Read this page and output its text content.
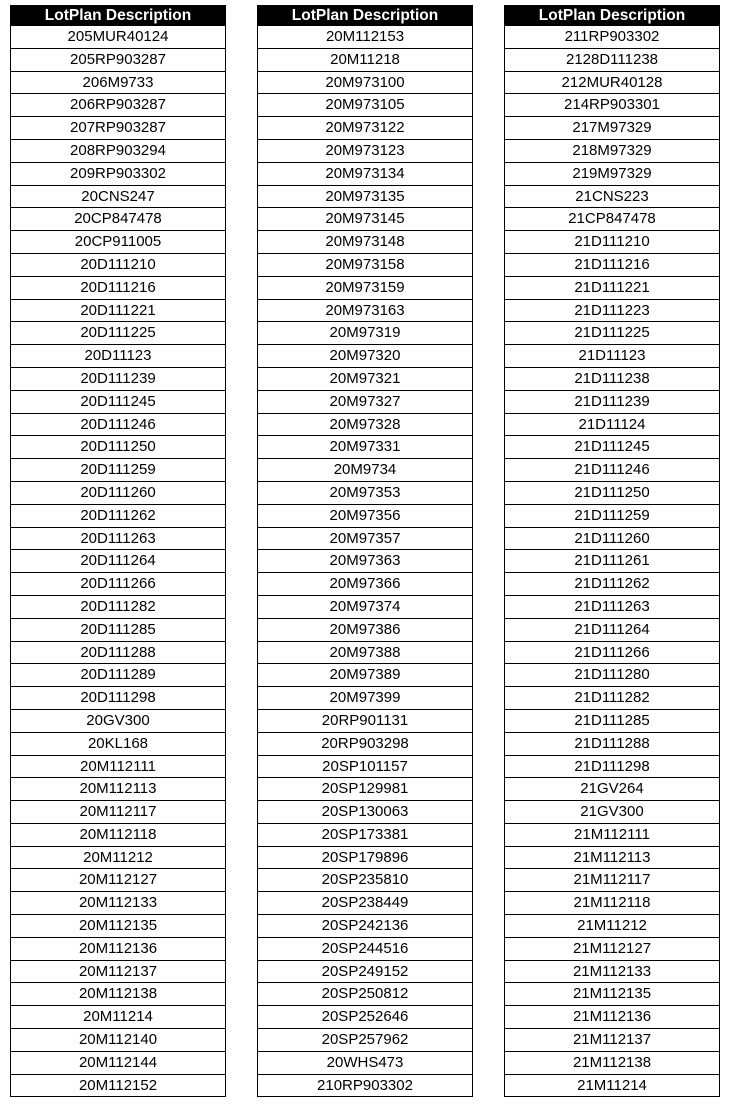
LotPlan Description
205MUR40124
205RP903287
206M9733
206RP903287
207RP903287
208RP903294
209RP903302
20CNS247
20CP847478
20CP911005
20D111210
20D111216
20D111221
20D111225
20D11123
20D111239
20D111245
20D111246
20D111250
20D111259
20D111260
20D111262
20D111263
20D111264
20D111266
20D111282
20D111285
20D111288
20D111289
20D111298
20GV300
20KL168
20M112111
20M112113
20M112117
20M112118
20M11212
20M112127
20M112133
20M112135
20M112136
20M112137
20M112138
20M11214
20M112140
20M112144
20M112152
LotPlan Description
20M112153
20M11218
20M973100
20M973105
20M973122
20M973123
20M973134
20M973135
20M973145
20M973148
20M973158
20M973159
20M973163
20M97319
20M97320
20M97321
20M97327
20M97328
20M97331
20M9734
20M97353
20M97356
20M97357
20M97363
20M97366
20M97374
20M97386
20M97388
20M97389
20M97399
20RP901131
20RP903298
20SP101157
20SP129981
20SP130063
20SP173381
20SP179896
20SP235810
20SP238449
20SP242136
20SP244516
20SP249152
20SP250812
20SP252646
20SP257962
20WHS473
210RP903302
LotPlan Description
211RP903302
2128D111238
212MUR40128
214RP903301
217M97329
218M97329
219M97329
21CNS223
21CP847478
21D111210
21D111216
21D111221
21D111223
21D111225
21D11123
21D111238
21D111239
21D11124
21D111245
21D111246
21D111250
21D111259
21D111260
21D111261
21D111262
21D111263
21D111264
21D111266
21D111280
21D111282
21D111285
21D111288
21D111298
21GV264
21GV300
21M112111
21M112113
21M112117
21M112118
21M11212
21M112127
21M112133
21M112135
21M112136
21M112137
21M112138
21M11214
